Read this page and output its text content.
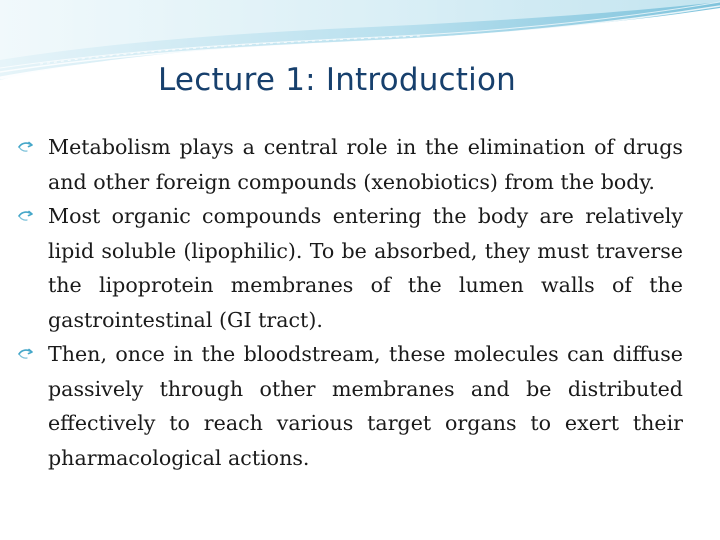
Lecture 1: Introduction
Metabolism plays a central role in the elimination of drugs and other foreign compounds (xenobiotics) from the body.
Most organic compounds entering the body are relatively lipid soluble (lipophilic). To be absorbed, they must traverse the lipoprotein membranes of the lumen walls of the gastrointestinal (GI tract).
Then, once in the bloodstream, these molecules can diffuse passively through other membranes and be distributed effectively to reach various target organs to exert their pharmacological actions.
